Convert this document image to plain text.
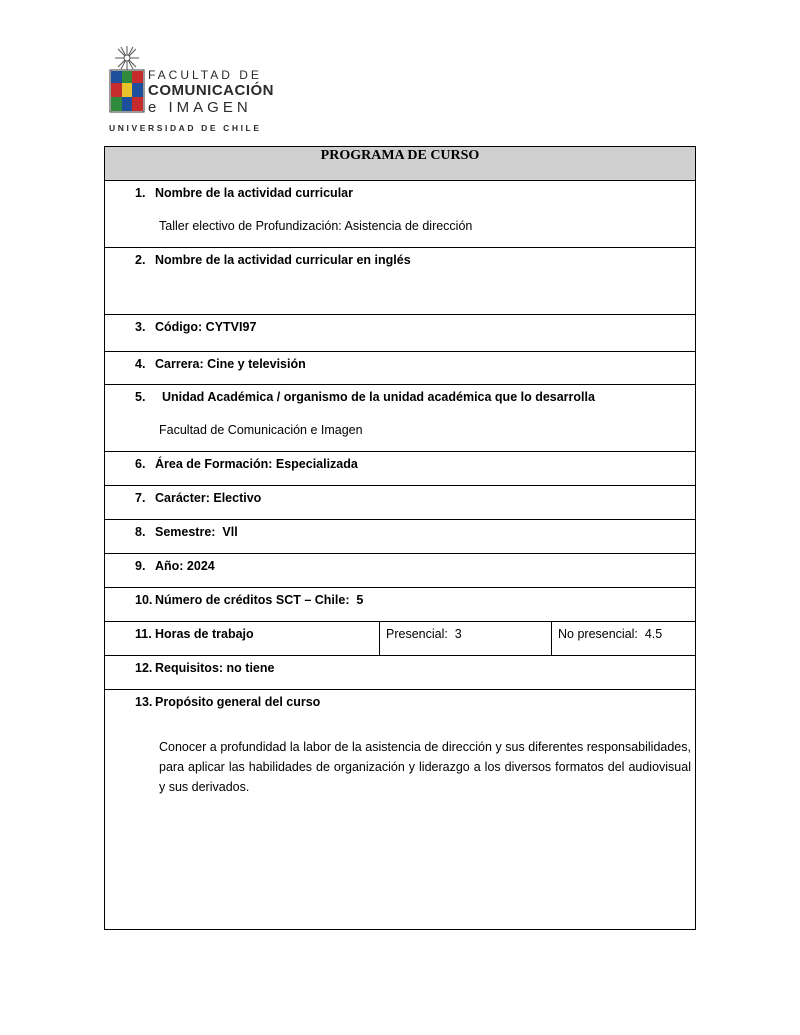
FACULTAD DE
COMUNICACIÓN
e IMAGEN
UNIVERSIDAD DE CHILE
PROGRAMA DE CURSO
1. Nombre de la actividad curricular
Taller electivo de Profundización: Asistencia de dirección
2. Nombre de la actividad curricular en inglés
3. Código: CYTVI97
4. Carrera: Cine y televisión
5.  Unidad Académica / organismo de la unidad académica que lo desarrolla
Facultad de Comunicación e Imagen
6. Área de Formación: Especializada
7. Carácter: Electivo
8. Semestre:  Vll
9. Año: 2024
10. Número de créditos SCT – Chile:  5
11. Horas de trabajo	Presencial:  3	No presencial:  4.5
12. Requisitos: no tiene
13. Propósito general del curso
Conocer a profundidad la labor de la asistencia de dirección y sus diferentes responsabilidades, para aplicar las habilidades de organización y liderazgo a los diversos formatos del audiovisual y sus derivados.
